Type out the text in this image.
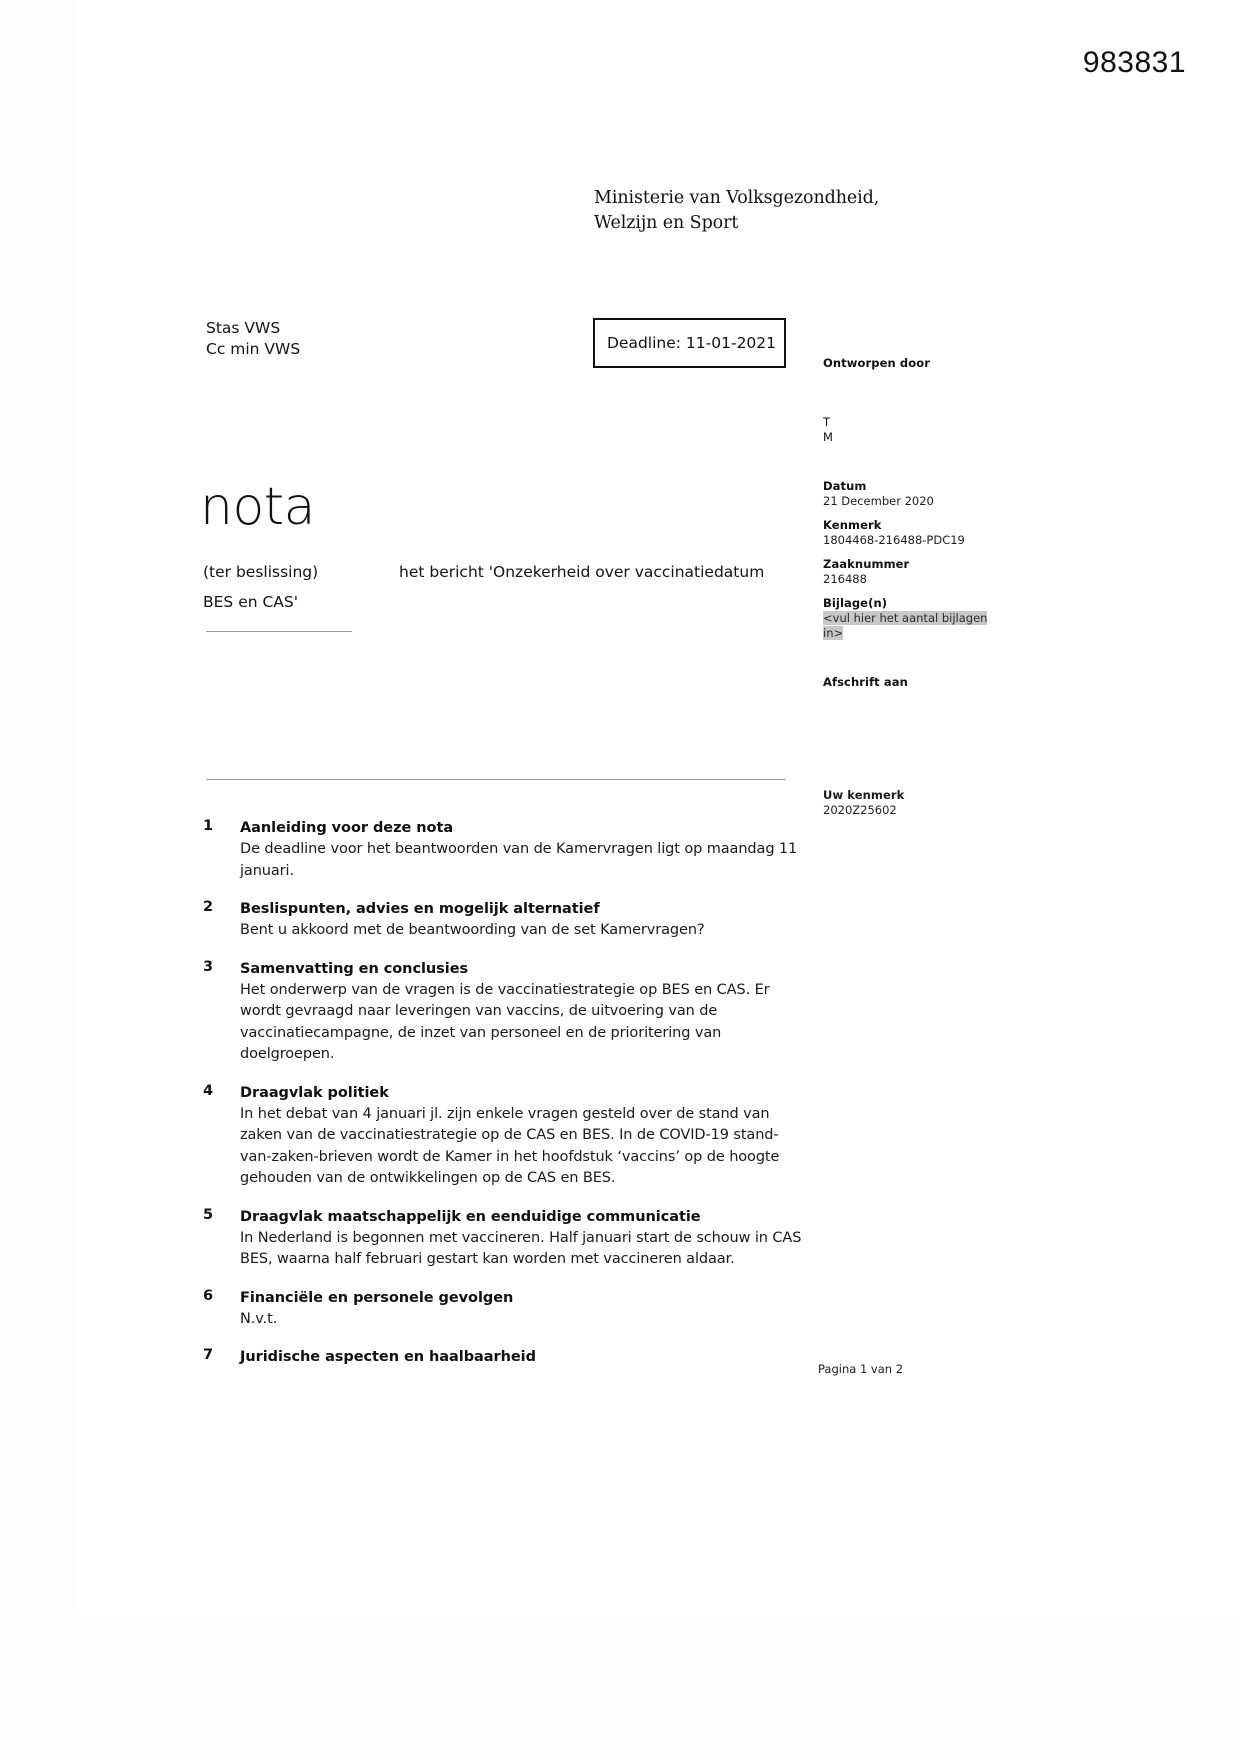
983831
Ministerie van Volksgezondheid,
Welzijn en Sport
Stas VWS
Cc min VWS	Deadline: 11-01-2021
Ontworpen door
T
M
Datum
21 December 2020
Kenmerk
1804468-216488-PDC19
Zaaknummer
216488
Bijlage(n)
<vul hier het aantal bijlagen in>
Afschrift aan
Uw kenmerk
2020Z25602
nota
(ter beslissing)	het bericht 'Onzekerheid over vaccinatiedatum BES en CAS'
1 Aanleiding voor deze nota
De deadline voor het beantwoorden van de Kamervragen ligt op maandag 11 januari.
2 Beslispunten, advies en mogelijk alternatief
Bent u akkoord met de beantwoording van de set Kamervragen?
3 Samenvatting en conclusies
Het onderwerp van de vragen is de vaccinatiestrategie op BES en CAS. Er wordt gevraagd naar leveringen van vaccins, de uitvoering van de vaccinatiecampagne, de inzet van personeel en de prioritering van doelgroepen.
4 Draagvlak politiek
In het debat van 4 januari jl. zijn enkele vragen gesteld over de stand van zaken van de vaccinatiestrategie op de CAS en BES. In de COVID-19 stand-van-zaken-brieven wordt de Kamer in het hoofdstuk ‘vaccins’ op de hoogte gehouden van de ontwikkelingen op de CAS en BES.
5 Draagvlak maatschappelijk en eenduidige communicatie
In Nederland is begonnen met vaccineren. Half januari start de schouw in CAS BES, waarna half februari gestart kan worden met vaccineren aldaar.
6 Financiële en personele gevolgen
N.v.t.
7 Juridische aspecten en haalbaarheid
Pagina 1 van 2
